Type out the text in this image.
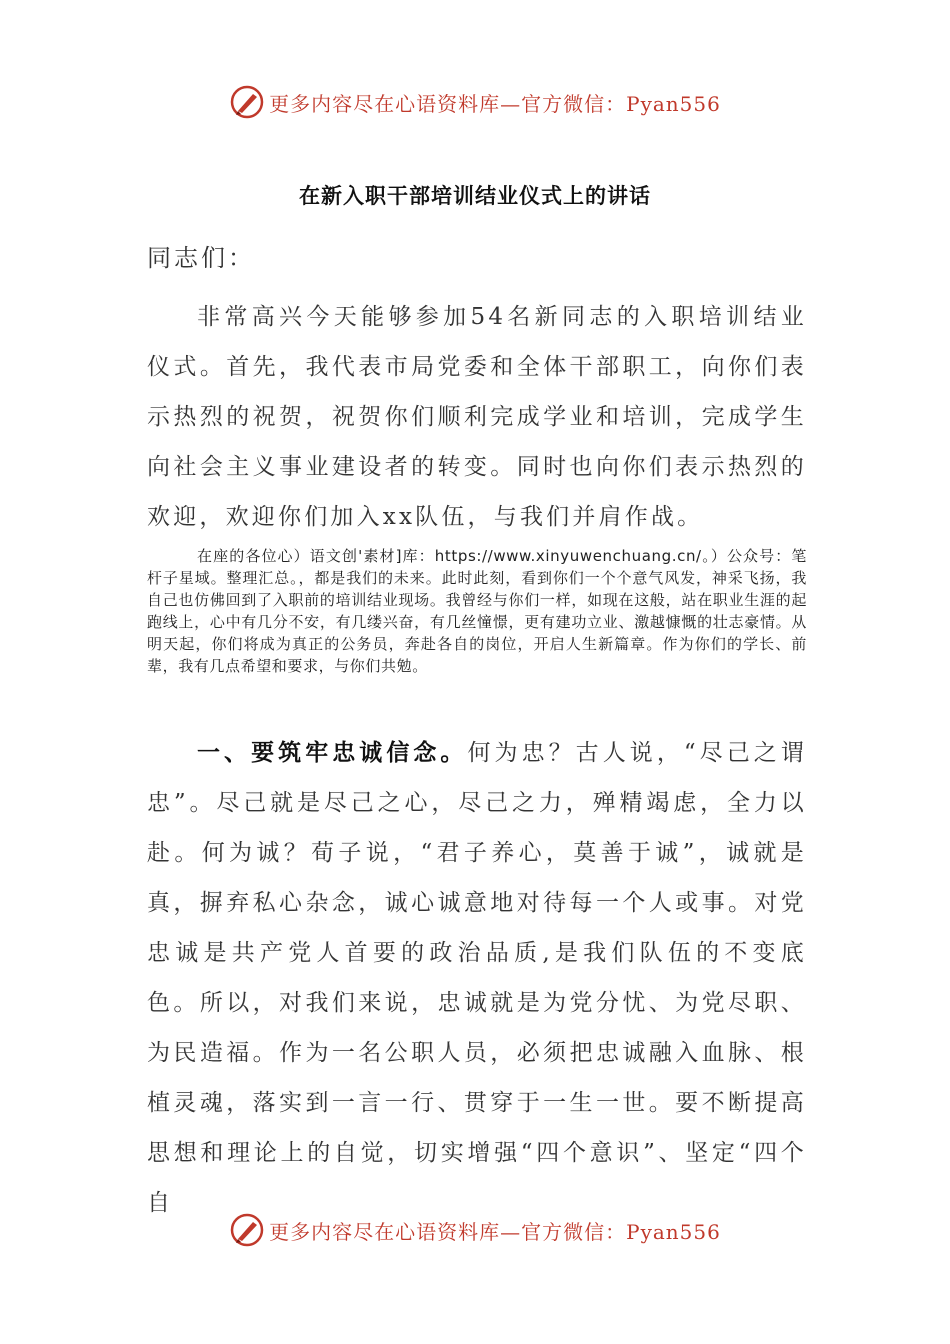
更多内容尽在心语资料库—官方微信：Pyan556
在新入职干部培训结业仪式上的讲话
同志们：
非常高兴今天能够参加54名新同志的入职培训结业仪式。首先，我代表市局党委和全体干部职工，向你们表示热烈的祝贺，祝贺你们顺利完成学业和培训，完成学生向社会主义事业建设者的转变。同时也向你们表示热烈的欢迎，欢迎你们加入xx队伍，与我们并肩作战。
在座的各位心）语文创'素材]库：https://www.xinyuwenchuang.cn/。）公众号：笔杆子星域。整理汇总。，都是我们的未来。此时此刻，看到你们一个个意气风发，神采飞扬，我自己也仿佛回到了入职前的培训结业现场。我曾经与你们一样，如现在这般，站在职业生涯的起跑线上，心中有几分不安，有几缕兴奋，有几丝憧憬，更有建功立业、激越慷慨的壮志豪情。从明天起，你们将成为真正的公务员，奔赴各自的岗位，开启人生新篇章。作为你们的学长、前辈，我有几点希望和要求，与你们共勉。
一、要筑牢忠诚信念。何为忠？古人说，“尽己之谓忠”。尽己就是尽己之心，尽己之力，殚精竭虑，全力以赴。何为诚？荀子说，“君子养心，莫善于诚”，诚就是真，摒弃私心杂念，诚心诚意地对待每一个人或事。对党忠诚是共产党人首要的政治品质,是我们队伍的不变底色。所以，对我们来说，忠诚就是为党分忧、为党尽职、为民造福。作为一名公职人员，必须把忠诚融入血脉、根植灵魂，落实到一言一行、贯穿于一生一世。要不断提高思想和理论上的自觉，切实增强“四个意识”、坚定“四个自
更多内容尽在心语资料库—官方微信：Pyan556
